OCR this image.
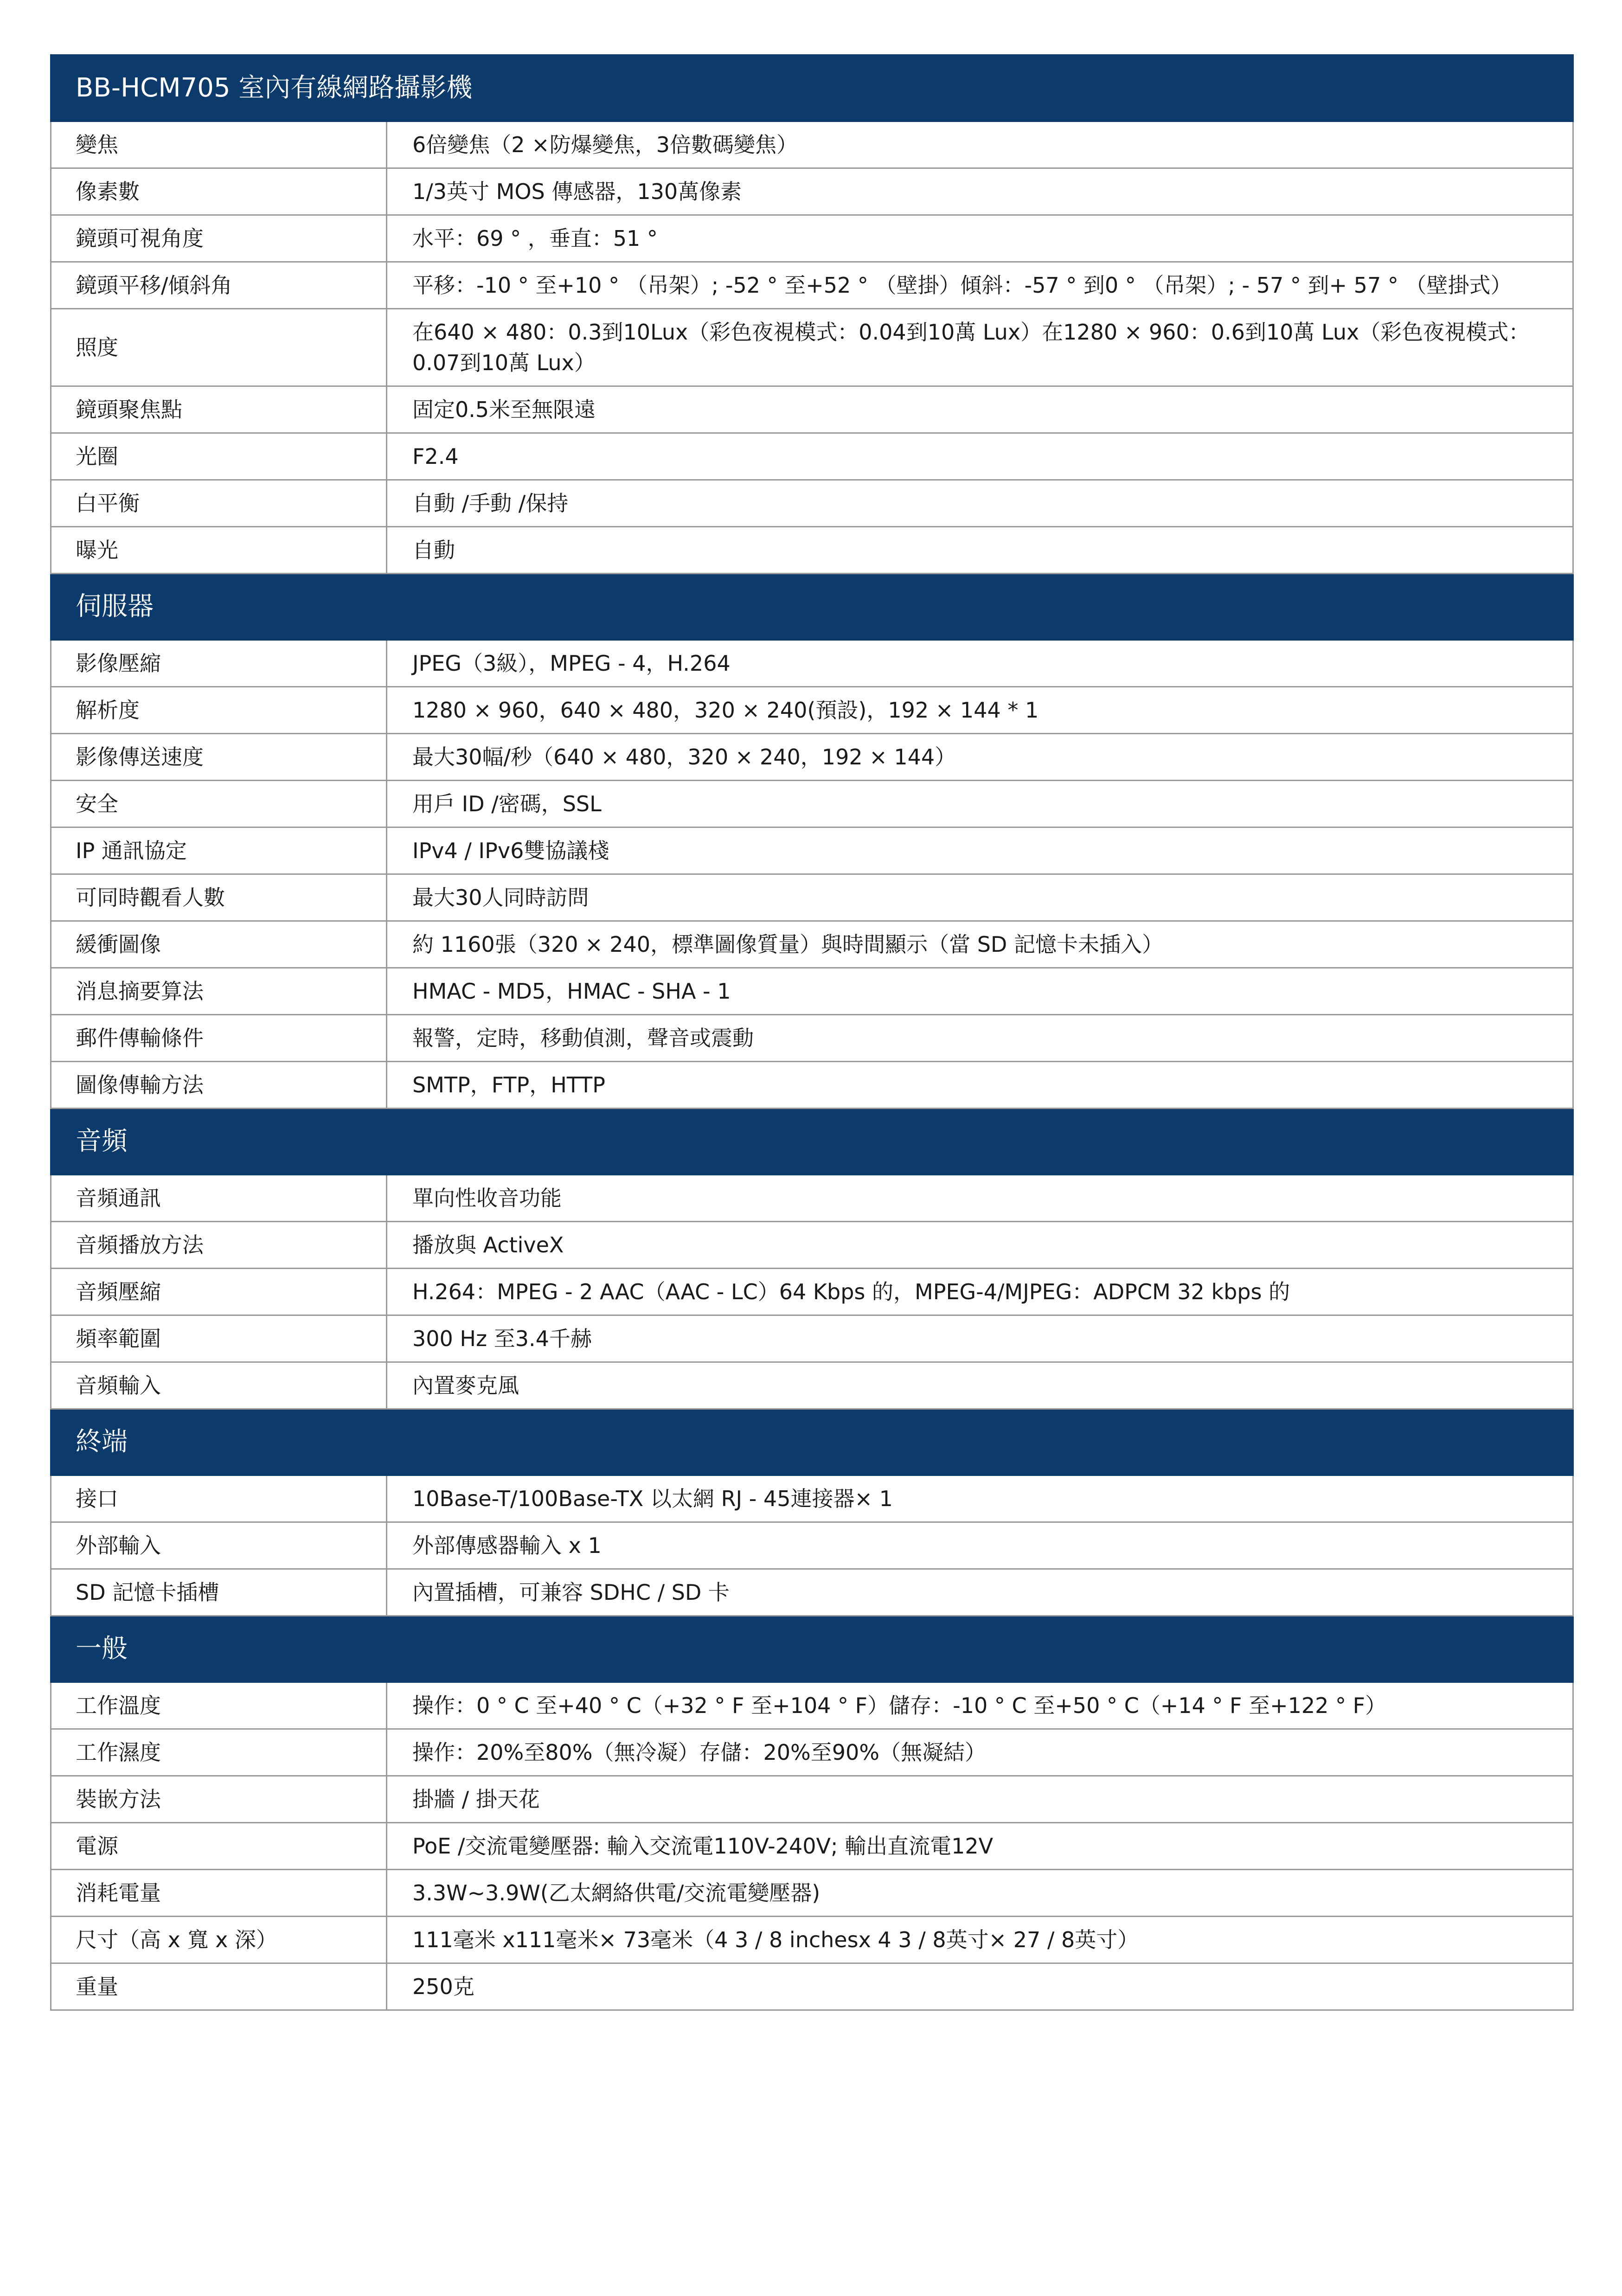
BB-HCM705 室內有線網路攝影機	
變焦	6倍變焦（2 ×防爆變焦，3倍數碼變焦）
像素數	1/3英寸 MOS 傳感器，130萬像素
鏡頭可視角度	水平：69 ° ，垂直：51 °
鏡頭平移/傾斜角	平移：-10 ° 至+10 ° （吊架）; -52 ° 至+52 ° （壁掛）傾斜：-57 ° 到0 ° （吊架）; - 57 ° 到+ 57 ° （壁掛式）
照度	在640 × 480：0.3到10Lux（彩色夜視模式：0.04到10萬 Lux）在1280 × 960：0.6到10萬 Lux（彩色夜視模式：0.07到10萬 Lux）
鏡頭聚焦點	固定0.5米至無限遠
光圈	F2.4
白平衡	自動 /手動 /保持
曝光	自動
伺服器	
影像壓縮	JPEG（3級），MPEG - 4，H.264
解析度	1280 × 960，640 × 480，320 × 240(預設)，192 × 144 * 1
影像傳送速度	最大30幅/秒（640 × 480，320 × 240，192 × 144）
安全	用戶 ID /密碼，SSL
IP 通訊協定	IPv4 / IPv6雙協議棧
可同時觀看人數	最大30人同時訪問
緩衝圖像	約 1160張（320 × 240，標準圖像質量）與時間顯示（當 SD 記憶卡未插入）
消息摘要算法	HMAC - MD5，HMAC - SHA - 1
郵件傳輸條件	報警，定時，移動偵測，聲音或震動
圖像傳輸方法	SMTP，FTP，HTTP
音頻	
音頻通訊	單向性收音功能
音頻播放方法	播放與 ActiveX
音頻壓縮	H.264：MPEG - 2 AAC（AAC - LC）64 Kbps 的，MPEG-4/MJPEG：ADPCM 32 kbps 的
頻率範圍	300 Hz 至3.4千赫
音頻輸入	內置麥克風
終端	
接口	10Base-T/100Base-TX 以太網 RJ - 45連接器× 1
外部輸入	外部傳感器輸入 x 1
SD 記憶卡插槽	內置插槽，可兼容 SDHC / SD 卡
一般	
工作溫度	操作：0 ° C 至+40 ° C（+32 ° F 至+104 ° F）儲存：-10 ° C 至+50 ° C（+14 ° F 至+122 ° F）
工作濕度	操作：20%至80%（無冷凝）存儲：20%至90%（無凝結）
裝嵌方法	掛牆 / 掛天花
電源	PoE /交流電變壓器: 輸入交流電110V-240V; 輸出直流電12V
消耗電量	3.3W~3.9W(乙太網絡供電/交流電變壓器)
尺寸（高 x 寬 x 深）	111毫米 x111毫米× 73毫米（4 3 / 8 inchesx 4 3 / 8英寸× 27 / 8英寸）
重量	250克
